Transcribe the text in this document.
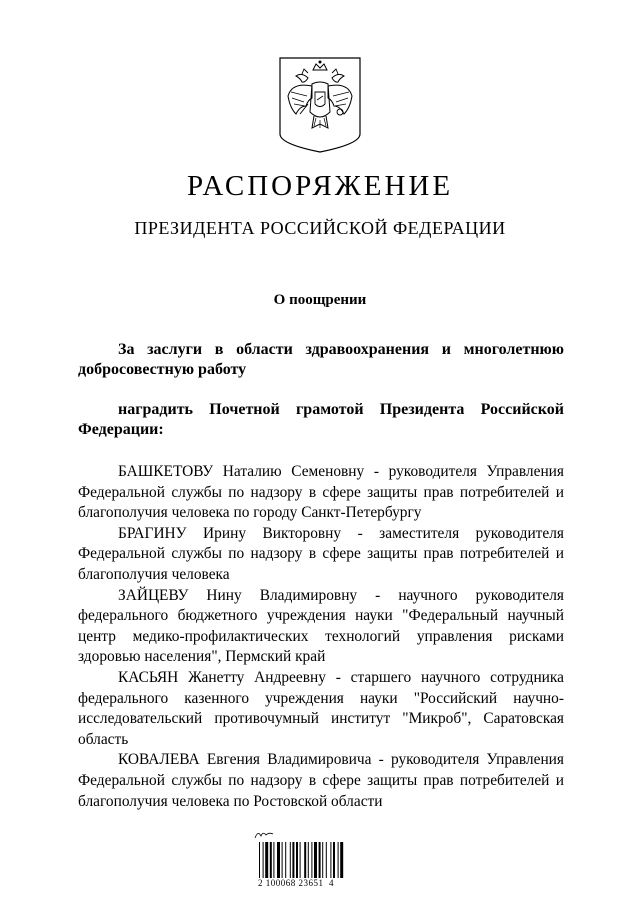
РАСПОРЯЖЕНИЕ
ПРЕЗИДЕНТА РОССИЙСКОЙ ФЕДЕРАЦИИ
О поощрении
За заслуги в области здравоохранения и многолетнюю добросовестную работу
наградить Почетной грамотой Президента Российской Федерации:

БАШКЕТОВУ Наталию Семеновну - руководителя Управления Федеральной службы по надзору в сфере защиты прав потребителей и благополучия человека по городу Санкт-Петербургу

БРАГИНУ Ирину Викторовну - заместителя руководителя Федеральной службы по надзору в сфере защиты прав потребителей и благополучия человека

ЗАЙЦЕВУ Нину Владимировну - научного руководителя федерального бюджетного учреждения науки "Федеральный научный центр медико-профилактических технологий управления рисками здоровью населения", Пермский край

КАСЬЯН Жанетту Андреевну - старшего научного сотрудника федерального казенного учреждения науки "Российский научно-исследовательский противочумный институт "Микроб", Саратовская область

КОВАЛЕВА Евгения Владимировича - руководителя Управления Федеральной службы по надзору в сфере защиты прав потребителей и благополучия человека по Ростовской области

2 100068 23651  4
